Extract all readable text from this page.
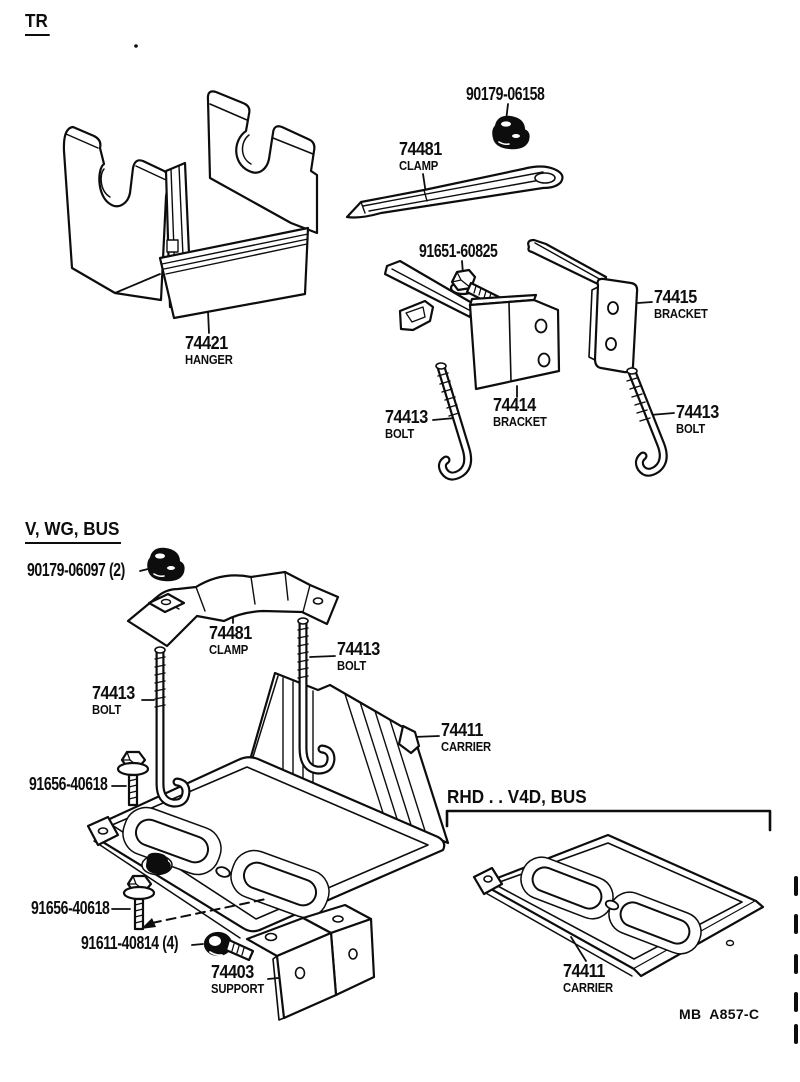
TR
V, WG, BUS
RHD . . V4D, BUS
90179-06158
74481
CLAMP
74421
HANGER
91651-60825
74415
BRACKET
74414
BRACKET
74413
BOLT
74413
BOLT
90179-06097 (2)
74481
CLAMP	74413
BOLT
74413
BOLT
74411
CARRIER
91656-40618
91656-40618
91611-40814 (4)
74403
SUPPORT
74411
CARRIER
MB  A857-C
